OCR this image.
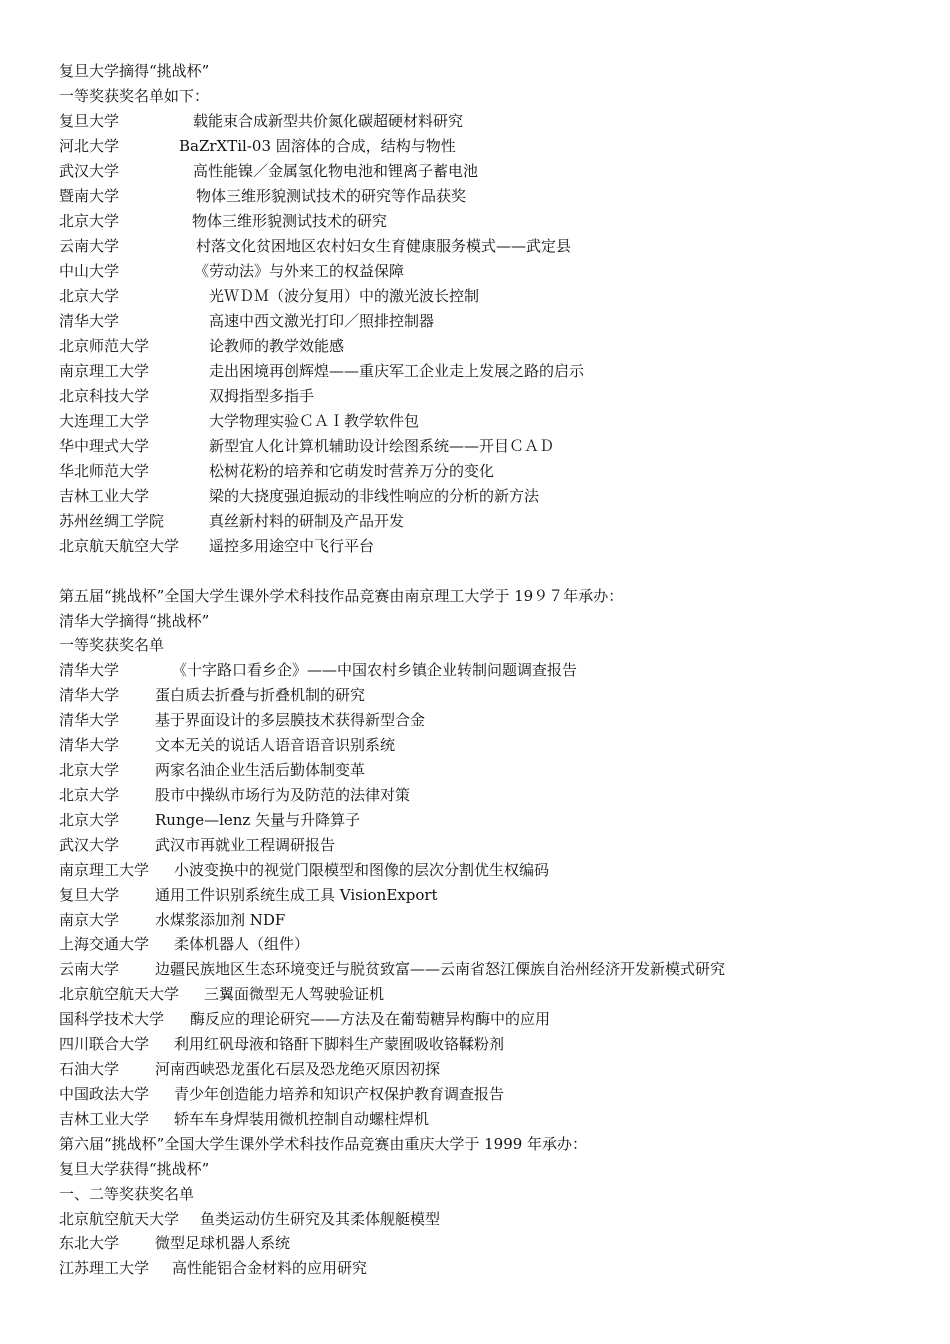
复旦大学摘得“挑战杯”

一等奖获奖名单如下：

复旦大学	载能束合成新型共价氮化碳超硬材料研究
河北大学	BaZrXTil-03 固溶体的合成，结构与物性
武汉大学	高性能镍／金属氢化物电池和锂离子蓄电池
暨南大学	物体三维形貌测试技术的研究等作品获奖
北京大学	物体三维形貌测试技术的研究
云南大学	村落文化贫困地区农村妇女生育健康服务模式——武定县
中山大学	《劳动法》与外来工的权益保障
北京大学	光ＷＤＭ（波分复用）中的激光波长控制
清华大学	高速中西文激光打印／照排控制器
北京师范大学	论教师的教学效能感
南京理工大学	走出困境再创辉煌——重庆军工企业走上发展之路的启示
北京科技大学	双拇指型多指手
大连理工大学	大学物理实验ＣＡＩ教学软件包
华中理式大学	新型宜人化计算机辅助设计绘图系统——开目ＣＡＤ
华北师范大学	松树花粉的培养和它萌发时营养万分的变化
吉林工业大学	梁的大挠度强迫振动的非线性响应的分析的新方法
苏州丝绸工学院	真丝新村料的研制及产品开发
北京航天航空大学 遥控多用途空中飞行平台

第五届“挑战杯”全国大学生课外学术科技作品竞赛由南京理工大学于 19９７年承办：

清华大学摘得“挑战杯”

一等奖获奖名单

清华大学	《十字路口看乡企》——中国农村乡镇企业转制问题调查报告
清华大学 蛋白质去折叠与折叠机制的研究
清华大学 基于界面设计的多层膜技术获得新型合金
清华大学 文本无关的说话人语音语音识别系统
北京大学 两家名油企业生活后勤体制变革
北京大学 股市中操纵市场行为及防范的法律对策
北京大学 Runge—lenz 矢量与升降算子
武汉大学 武汉市再就业工程调研报告
南京理工大学 小波变换中的视觉门限模型和图像的层次分割优生权编码
复旦大学 通用工件识别系统生成工具 VisionExport
南京大学 水煤浆添加剂 NDF
上海交通大学 柔体机器人（组件）
云南大学 边疆民族地区生态环境变迁与脱贫致富——云南省怒江傈族自治州经济开发新模式研究
北京航空航天大学 三翼面微型无人驾驶验证机
国科学技术大学 酶反应的理论研究——方法及在葡萄糖异构酶中的应用
四川联合大学 利用红矾母液和铬酐下脚料生产蒙囿吸收铬鞣粉剂
石油大学 河南西峡恐龙蛋化石层及恐龙绝灭原因初探
中国政法大学 青少年创造能力培养和知识产权保护教育调查报告
吉林工业大学 轿车车身焊装用微机控制自动螺柱焊机

第六届“挑战杯”全国大学生课外学术科技作品竞赛由重庆大学于 1999 年承办：

复旦大学获得“挑战杯”

一、二等奖获奖名单

北京航空航天大学 鱼类运动仿生研究及其柔体舰艇模型
东北大学 微型足球机器人系统
江苏理工大学 高性能铝合金材料的应用研究
